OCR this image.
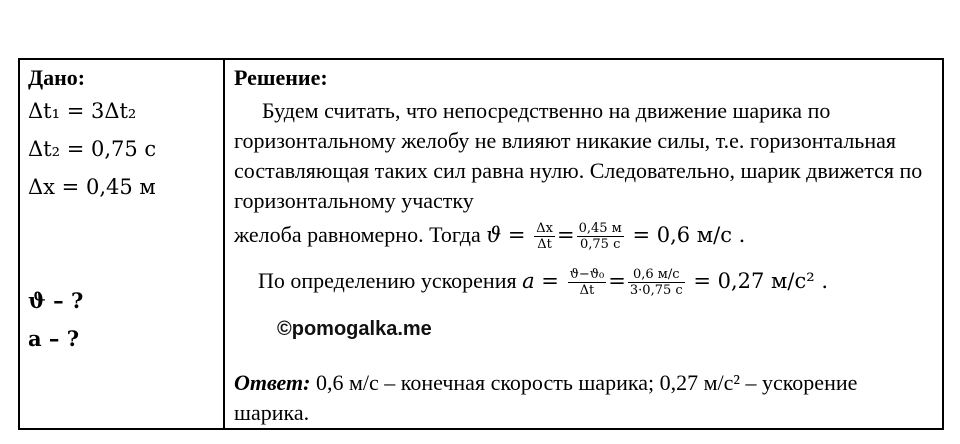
Дано:
Δt₁ = 3Δt₂
Δt₂ = 0,75 с
Δx = 0,45 м
ϑ – ?
a – ?
Решение:

Будем считать, что непосредственно на движение шарика по горизонтальному желобу не влияют никакие силы, т.е. горизонтальная составляющая таких сил равна нулю. Следовательно, шарик движется по горизонтальному участку

желоба равномерно. Тогда $ϑ = \frac{\Delta x}{\Delta t} = \frac{0,45 м}{0,75 с} = 0,6$ м/с .
По определению ускорения $a = \frac{\text{ϑ−ϑ₀}}{\Delta t} = \frac{0,6 м/с}{3\cdot 0,75 с} = 0,27$ м/с² .
©pomogalka.me
Ответ: 0,6 м/с – конечная скорость шарика; 0,27 м/с² – ускорение шарика.
